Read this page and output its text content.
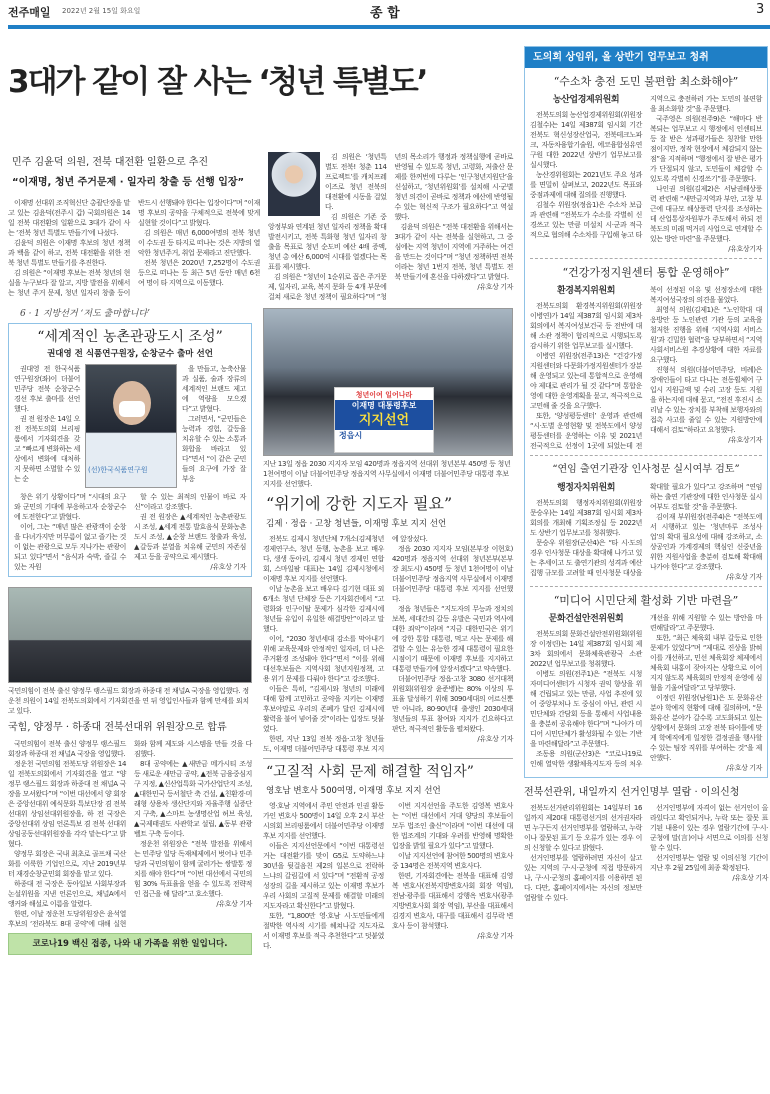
전주매일 2022년 2월 15일 화요일	종 합	3
3대가 같이 잘 사는 ‘청년 특별도’
민주 김윤덕 의원, 전북 대전환 일환으로 추진
“이재명, 청년 주거문제 · 일자리 창출 등 선행 입장”

이재명 선대위 조직혁신단 총괄단장을 맡고 있는 김윤덕(전주시 갑) 국회의원은 14일 전북 대전환의 일환으로 3대가 같이 사는 ‘전북 청년 특별도 만들기’에 나섰다.

김윤덕 의원은 이재명 후보의 청년 정책과 백을 같이 하고, 전북 대전환을 위한 전북 청년 특별도 만들기를 추진한다.

김 의원은 “이재명 후보는 전북 청년의 현실을 누구보다 잘 알고, 지방 발전을 위해서는 청년 주거 문제, 청년 일자리 창출 등이 반드시 선행돼야 한다는 입장이다”며 “이재명 후보의 공약을 구체적으로 전북에 맞게 실현할 것이다”고 밝혔다.

김 의원은 매년 6,000여명의 전북 청년이 수도권 등 타지로 떠나는 것은 지방의 열악한 청년주거, 취업 문제라고 진단했다.

전북 청년은 2020년 7,252명이 수도권 등으로 떠나는 등 최근 5년 동안 매년 6천여 명이 타 지역으로 이동했다.

김 의원은 ‘청년특별도 전북! 청춘 114 프로젝트’를 캐치프레이즈로 청년 전북의 대전환에 시동을 걸었다.

김 의원은 기존 중앙정부와 연계된 청년 일자리 정책을 확대 발전시키고, 전북 특화형 청년 일자리 창출을 목표로 청년 순도비 예산 4배 증액, 청년 총 예산 6,000억 시대를 열겠다는 목표를 제시했다.

김 의원은 “청년이 1순위로 꼽은 주거문제, 일자리, 교육, 복지 문화 등 4개 부문에 걸쳐 새로운 청년 정책이 필요하다”며 “청년의 목소리가 행정과 정책실행에 곧바로 반영될 수 있도록 청년, 고령화, 저출산 문제를 한꺼번에 다루는 ‘인구청년지원단’을 신설하고, ‘청년위원회’를 설치해 시·군별 청년 의견이 곧바로 정책과 예산에 반영될 수 있는 혁신적 구조가 필요하다”고 역설했다.

김윤덕 의원은 “전북 대전환을 위해서는 3대가 같이 사는 전북을 실현하고, 그 중심에는 지역 청년이 지역에 거주하는 여건을 만드는 것이다”며 “청년 정책하면 전북이라는 청년 1번지 전북, 청년 특별도 전북 만들기에 혼신을 다하겠다”고 밝혔다.

/유호상 기자
6 · 1 지방선거 ‘저도 출마합니다’
“세계적인 농촌관광도시 조성”
권대영 전 식품연구원장, 순창군수 출마 선언

권대영 전 한국식품연구원장(좌)이 더불어민주당 전북 순창군수 경선 후보 출마를 선언했다.

권 전 원장은 14일 오전 전북도의회 브리핑룸에서 기자회견을 갖고 “빠르게 변화하는 세상에서 변화에 대처하지 못하면 소멸할 수 있는 순

(선)한국식품연구원

을 만들고, 농축산물과 실품, 술과 장류의 세계적인 브랜드 제고에 역량을 모으겠다”고 밝혔다.

그러면서, “군민들은 능력과 경험, 갈등을 치유할 수 있는 소통과 화합을 바라고 있다”면서 “이 같은 군민들의 요구에 가장 잘 부응

창은 위기 상황이다”며 “시대의 요구와 군민의 기대에 부응하고자 순창군수에 도전한다”고 밝혔다.

이어, 그는 “매년 많은 관광객이 순창을 다녀가지만 머무름이 없고 즐기는 것이 없는 관광으로 모두 지나가는 관광이 되고 있다”면서 “음식과 숙박, 즐길 수 있는 자원

할 수 있는 최적의 인물이 바로 자신”이라고 강조했다.

권 전 원장은 ▲세계적인 농촌관광도시 조성, ▲세계 전통 발효음식 문화농촌도시 조성, ▲순창 브랜드 창출과 육성, ▲갈등과 분열을 치유해 군민의 자존심 제고 등을 공약으로 제시했다.

/유호상 기자
국민의힘이 전북 출신 양정무 랭스필드 회장과 하종대 전 채널A 국장을 영입했다. 정운천 의원이 14일 전북도의회에서 기자회견을 연 뒤 영입인사들과 함께 만세를 외치고 있다.
국힘, 양정무 · 하종대 전북선대위 위원장으로 합류

국민의힘이 전북 출신 양정무 랭스필드 회장과 하종대 전 채널A 국장을 영입했다.

정운천 국민의힘 전북도당 위원장은 14일 전북도의회에서 기자회견을 열고 “양정무 랭스필드 회장과 하종대 전 채널A 국장을 모셔왔다”며 “이번 대선에서 양 회장은 중앙선대위 예식문화 특보단장 겸 전북 선대위 상임선대위원장을, 하 전 국장은 중앙선대위 상임 언론특보 겸 전북 선대위 상임공동선대위원장을 각각 맡는다”고 밝혔다.

양정무 회장은 국내 최초로 골프채 국산화를 이룩한 기업인으로, 지난 2019년부터 재경순창군민회 회장을 맡고 있다.

하종대 전 국장은 동아일보 사회부장과 논설위원을 지낸 언론인으로, 채널A에서 앵커와 해설로 이름을 알렸다.

한편, 이날 정운천 도당위원장은 윤석열 후보의 ‘전라북도 8대 공약’에 대해 실현화와 함께 제도와 시스템을 만들 것을 다짐했다.

8대 공약에는 ▲새만금 메가시티 조성 등 새로운 새만금 공약, ▲전북 금융중심지구 지정, ▲신산업특화 국가산업단지 조성, ▲대한민국 등서철단 축 건설, ▲친환경·미래형 상용차 생산단지와 자율주행 실증단지 구축, ▲스마트 농생명산업 허브 육성, ▲국제태권도 사관학교 설립, ▲동부 관광벨트 구축 등이다.

정운천 위원장은 “전북 발전을 위해서는 민주당 일당 독재체제에서 벗어나 민주당과 국민의힘이 함께 굴러가는 쌍발통 정치를 해야 한다”며 “이번 대선에서 국민의힘 30% 득표율을 얻을 수 있도록 전략적인 접근을 해 달라”고 호소했다.

/유호상 기자
코로나19 백신 접종, 나와 내 가족을 위한 일입니다.
청년이여 일어나라
이재명 대통령후보
지지선언
정읍시
지난 13일 정읍 2030 지지자 모임 420명과 정읍지역 선대위 청년본부 450명 등 청년 1천여명이 이날 더불어민주당 정읍지역 사무실에서 이재명 더불어민주당 대통령 후보 지지를 선언했다.
“위기에 강한 지도자 필요”
김제 · 정읍 · 고창 청년들, 이재명 후보 지지 선언

전북도 김제시 청년단체 7개소(김제청년 경제연구소, 청년 동행, 농촌을 보고 배우다, 생생 동아리, 김제시 청년 경제인 연합회, 스마일팜 대표)는 14일 김제시청에서 이재명 후보 지지를 선언했다.

이날 농촌을 보고 배우다 김기현 대표 외 6개소 청년 단체장 등은 기자회견에서 “고령화와 인구이탈 문제가 심각한 김제시에 청년들 유입이 유일한 해결방안”이라고 말했다.

이어, “2030 청년세대 감소를 막아내기 위해 교육문제와 안정적인 일자리, 더 나은 주거환경 조성돼야 한다”면서 “이를 위해 대선후보들은 지역사회 청년지원정책, 고용 위기 문제를 다뤄야 한다”고 강조했다.

이들은 특히, “김제시와 청년의 미래에 대해 함께 고민하고 공약을 지키는 이재명 후보야말로 우리의 존폐가 달린 김제시에 활력을 불어 넣어줄 것”이라는 입장도 덧붙였다.

한편, 지난 13일 전북 정읍·고창 청년들도, 이재명 더불어민주당 대통령 후보 지지에 앞장섰다.

정읍 2030 지지자 모임(본부장 이현호) 420명과 정읍지역 선대위 청년본부(본부장 최도시) 450명 등 청년 1천여명이 이날 더불어민주당 정읍지역 사무실에서 이재명 더불어민주당 대통령 후보 지지를 선언했다.

정읍 청년들은 “지도자의 무능과 정치의 보복, 세대간의 갈등 유발은 국민과 역사에 대한 죄악”이라며 “지금 대한민국은 위기에 강한 통합 대통령, 먹고 사는 문제를 해결할 수 있는 유능한 경제 대통령이 필요한 시점이기 때문에 이재명 후보를 지지하고 대통령 만들기에 앞장서겠다”고 약속했다.

더불어민주당 정읍·고창 3080 선거대책위원회(위원장 윤준병)는 80% 이상의 투표율 달성하기 위해 3090세대의 어르신뿐만 아니라, 80·90년대 출생인 2030세대 청년들의 투표 참여와 지지가 긴요하다고 판단, 적극적인 활동을 펼쳐왔다.

/유호상 기자
“고질적 사회 문제 해결할 적임자”
영호남 변호사 500여명, 이재명 후보 지지 선언

영·호남 지역에서 주민 안전과 인권 활동가인 변호사 500명이 14일 오후 2시 부산시의회 브리핑룸에서 더불어민주당 이재명 후보 지지를 선언했다.

이들은 지지선언문에서 “이번 대통령선거는 대전환기를 맞이 G5로 도약하느냐 30년을 뒷걸음친 제2의 일본으로 전락하느냐의 갈림길에 서 있다”며 “전환적 공정 성장의 길을 제시하고 있는 이재명 후보가 우리 사회의 고질적 문제를 해결할 미래의 지도자라고 확신한다”고 밝혔다.

또한, “1,800만 영·호남 시·도민들에게 절박한 역사적 시기를 헤쳐나갈 지도자로서 이재명 후보를 적극 추천한다”고 덧붙였다.

이번 지지선언을 주도한 김영복 변호사는 “이번 대선에서 거대 양당의 후보들이 모두 법조인 출신”이라며 “이번 대선에 대한 법조계의 기대와 우려를 반영해 명확한 입장을 밝힐 필요가 있다”고 말했다.

이날 지지선언에 참여한 500명의 변호사 중 134명은 전북지역 변호사다.

한편, 기자회견에는 전북을 대표해 김영복 변호사(전북지방변호사회 회장 역임), 전남·광주를 대표해서 강행옥 변호사(광주지방변호사회 회장 역임), 부산을 대표해서 김경지 변호사, 대구를 대표해서 김무락 변호사 등이 참석했다.

/유호상 기자
도의회 상임위, 올 상반기 업무보고 청취
“수소차 충전 도민 불편함 최소화해야”
농산업경제위원회

전북도의회 농산업경제위원회(위원장 김철수)는 14일 제387회 임시회 기간 전북도 혁신성장산업국, 전북테크노파크, 자동차융합기술원, 에코융합섬유연구원 대한 2022년 상반기 업무보고를 실시했다.

농산경위원회는 2021년도 주요 성과를 면밀히 살펴보고, 2022년도 목표와 중점과제에 대해 질의를 진행했다.

김철수 위원장(정읍1)은 수소차 보급과 관련해 “전북도가 수소를 각별히 신경쓰고 있는 만큼 미설치 시·군과 적극적으로 협의해 수소차를 구입해 놓고 타지역으로 충전하러 가는 도민의 불편함을 최소화할 것”을 주문했다.

국주영은 의원(전주9)은 “해마다 반복되는 업무보고 시 행정에서 인센티브 등 잘 받은 성과평가들은 칭찬할 만한 점이지만, 정작 현장에서 체감되지 않는 점”을 지적하며 “행정에서 잘 받은 평가가 단절되지 않고, 도민들이 체감할 수 있도록 각별히 신경쓰기”를 주문했다.

나인권 의원(김제2)은 서남권해상풍력 관련해 “새만금지역과 부안, 고창 부근에 대규모 해상풍력 단지를 조성하는데 산업통상자원부가 주도해서 하되 전북도의 미래 먹거리 사업으로 연계할 수 있는 방안 마련”을 주문했다.

/유호상기자
“건강가정지원센터 통합 운영해야”
환경복지위원회

전북도의회 환경복지위원회(위원장 이병연)가 14일 제387회 임시회 제3차 회의에서 복지여성보건국 등 전반에 대해 소관 정책이 합리적으로 시행되도록 감시하기 위한 업무보고를 실시했다.

이병연 위원장(전주13)은 “건강가정지원센터와 다문화가정지원센터가 장분해 운영되고 있는데 통합적으로 운영해야 제대로 관리가 될 것 같다”며 통합운영에 대한 운영계획을 묻고, 적극적으로 고민해 줄 것을 요구했다.

또한, ‘양성평등센터’ 운영과 관련해 “시·도별 운영현황 및 전북도에서 양성평등센터를 운영하는 이유 및 2021년 전국적으로 선정이 1곳에 되었는데 전북이 선정된 이유 및 선정장소에 대한 복지여성국장의 의견을 물었다.

최영석 의원(김제1)은 “노인학대 대응방안 등 노인관련 기관 등의 교육을 철저한 진행을 위해 ‘지역사회 서비스원’과 긴밀한 협력”을 당부하면서 “지역사회서비스원 추경상황에 대한 자료를 요구했다.

진형석 의원(더불어민주당, 비례)은 장애인들이 타고 다니는 전동휠체어 구입시 지원금액 및 수리 고장 등도 지원을 하는지에 대해 묻고, “전진 후진시 소리날 수 있는 장치를 부착해 보행자와의 접촉 사고를 줄일 수 있는 지원방안에 대해서 검토”하라고 요청했다.

/유호상기자
“연임 출연기관장 인사청문 실시여부 검토”
행정자치위원회

전북도의회 행정자치위원회(위원장 문승우)는 14일 제387회 임시회 제3차 회의를 개최해 기획조정실 등 2022년도 상반기 업무보고를 청취했다.

문승우 위원장(군산4)은 “타 시·도의 경우 인사청문 대상을 확대해 나가고 있는 추세이고 도 출연기관의 성격과 예산 집행 규모를 고려할 때 인사청문 대상을 확대할 필요가 있다”고 강조하며 “연임하는 출연 기관장에 대한 인사청문 실시 여부도 검토할 것”을 주문했다.

김이재 부위원장(전주4)은 “전북도에서 시행하고 있는 ‘청년마루 조성사업’의 확대 필요성에 대해 강조하고, 소상공인과 가계경제의 핵심인 신중년을 위한 지원사업을 충분히 검토해 확대해 나가야 한다”고 강조했다.

/유호상 기자
“미디어 시민단체 활성화 기반 마련을”
문화건설안전위원회

전북도의회 문화건설안전위원회(위원장 이정린)는 14일 제387회 임시회 제3차 회의에서 문화체육관광국 소관 2022년 업무보고를 청취했다.

이병도 의원(전주1)은 “전북도 시청자미디어센터가 시청자 권익 향상을 위해 건립되고 있는 만큼, 사업 추진에 있어 중앙부처나 도 중심이 아닌, 관련 시민단체와 간담회 등을 통해서 사업내용을 충분히 공유해야 한다”며 “나아가 미디어 시민단체가 활성화될 수 있는 기반을 마련해달라”고 주문했다.

조동용 의원(군산3)은 “코로나19로 인해 열악한 생활체육지도자 등의 처우개선을 위해 지원할 수 있는 방안을 마련해달라”고 주문했다.

또한, “최근 체육회 내부 갈등로 인한 문제가 있었다”며 “제대로 진상을 밝혀 이를 개선하고, 민선 체육회장 체제에서 체육회 내홍이 잦아지는 상황으로 이어지지 않도록 체육회의 안정적 운영에 심혈을 기울여달라”고 당부했다.

이정린 위원장(남원1)은 도 문화유산 분야 학예직 현황에 대해 질의하며, “문화유산 분야가 갈수록 고도화되고 있는 상황에서 문화의 고장 전북 타이틀에 맞게 학예직에게 일정한 결정권을 행사할 수 있는 팀장 직위를 부여하는 것”을 제안했다.

/유호상 기자
전북선관위, 내일까지 선거인명부 열람 · 이의신청

전북도선거관리위원회는 14일부터 16일까지 제20대 대통령선거의 선거권자라면 누구든지 선거인명부를 열람하고, 누락이나 잘못된 표기 등 오류가 있는 경우 이의 신청할 수 있다고 밝혔다.

선거인명부를 열람하려면 자신이 살고 있는 지역의 구·시·군청에 직접 방문하거나, 구·시·군청의 홈페이지를 이용하면 된다. 다만, 홈페이지에서는 자신의 정보만 열람할 수 있다.

선거인명부에 자격이 없는 선거인이 올라있다고 확인되거나, 누락 또는 잘못 표기된 내용이 있는 경우 열람기간에 구·시·군청에 말(言)이나 서면으로 이의를 신청할 수 있다.

선거인명부는 열람 및 이의신청 기간이 지난 후 2월 25일에 최종 확정된다.

/유호상 기자
